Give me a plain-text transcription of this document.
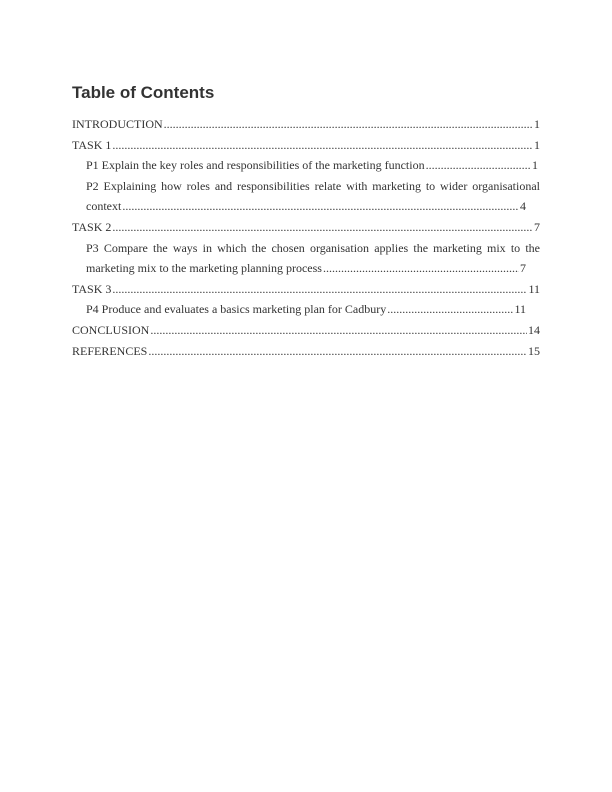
Table of Contents
INTRODUCTION .....	1
TASK 1 .....	1
P1 Explain the key roles and responsibilities of the marketing function .....	1
P2 Explaining how roles and responsibilities relate with marketing to wider organisational
context .....	4
TASK 2 .....	7
P3 Compare the ways in which the chosen organisation applies the marketing mix to the
marketing mix to the marketing planning process .....	7
TASK 3 .....	11
P4 Produce and evaluates a basics marketing plan for Cadbury .....	11
CONCLUSION .....	14
REFERENCES .....	15
